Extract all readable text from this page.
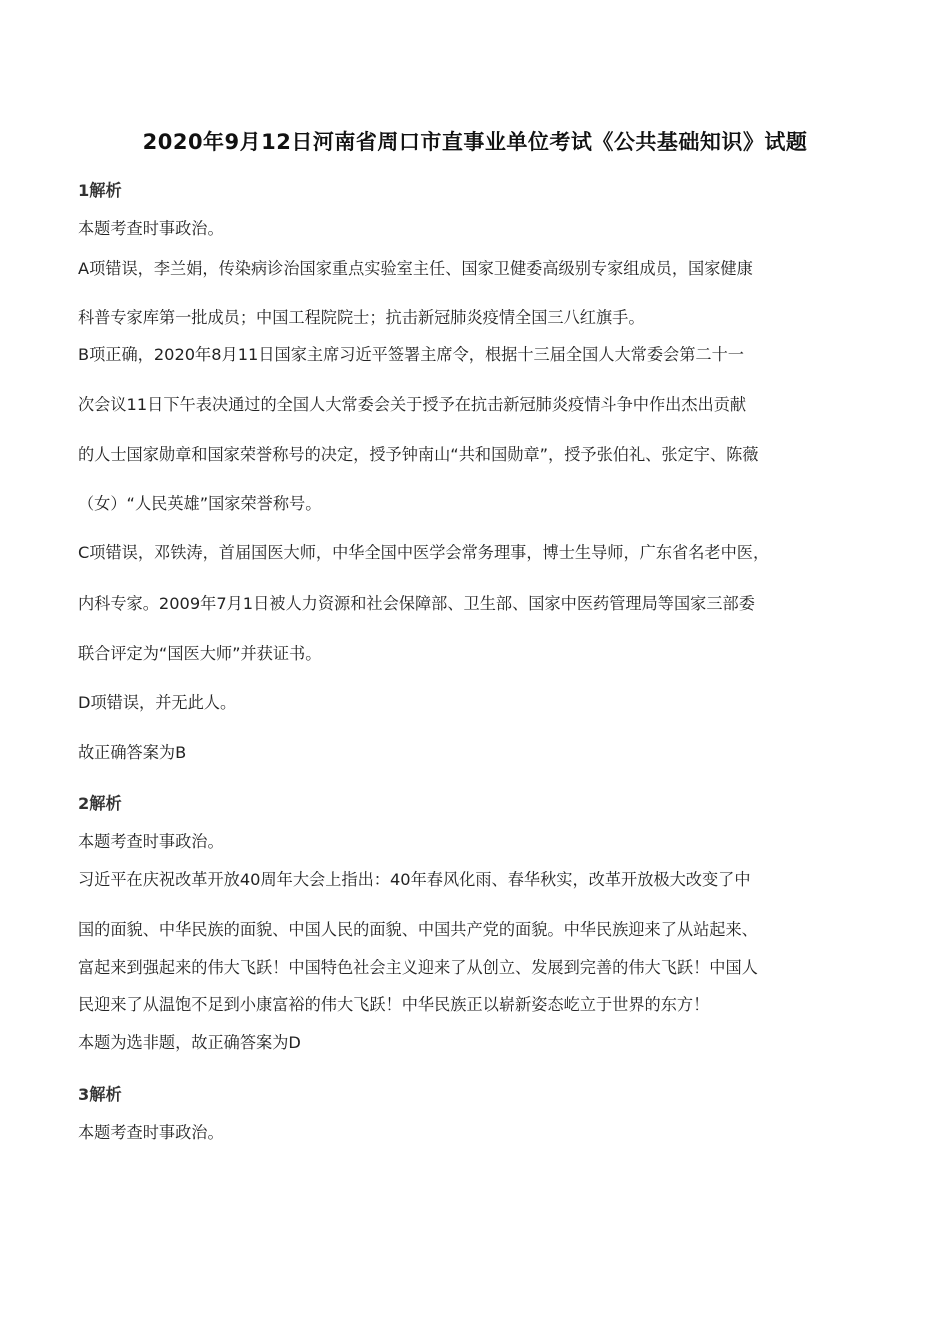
2020年9月12日河南省周口市直事业单位考试《公共基础知识》试题

1解析

本题考查时事政治。

A项错误，李兰娟，传染病诊治国家重点实验室主任、国家卫健委高级别专家组成员，国家健康

科普专家库第一批成员；中国工程院院士；抗击新冠肺炎疫情全国三八红旗手。

B项正确，2020年8月11日国家主席习近平签署主席令，根据十三届全国人大常委会第二十一

次会议11日下午表决通过的全国人大常委会关于授予在抗击新冠肺炎疫情斗争中作出杰出贡献

的人士国家勋章和国家荣誉称号的决定，授予钟南山“共和国勋章”，授予张伯礼、张定宇、陈薇

（女）“人民英雄”国家荣誉称号。

C项错误，邓铁涛，首届国医大师，中华全国中医学会常务理事，博士生导师，广东省名老中医，

内科专家。2009年7月1日被人力资源和社会保障部、卫生部、国家中医药管理局等国家三部委

联合评定为“国医大师”并获证书。

D项错误，并无此人。

故正确答案为B

2解析

本题考查时事政治。

习近平在庆祝改革开放40周年大会上指出：40年春风化雨、春华秋实，改革开放极大改变了中

国的面貌、中华民族的面貌、中国人民的面貌、中国共产党的面貌。中华民族迎来了从站起来、

富起来到强起来的伟大飞跃！中国特色社会主义迎来了从创立、发展到完善的伟大飞跃！中国人

民迎来了从温饱不足到小康富裕的伟大飞跃！中华民族正以崭新姿态屹立于世界的东方！

本题为选非题，故正确答案为D

3解析

本题考查时事政治。
